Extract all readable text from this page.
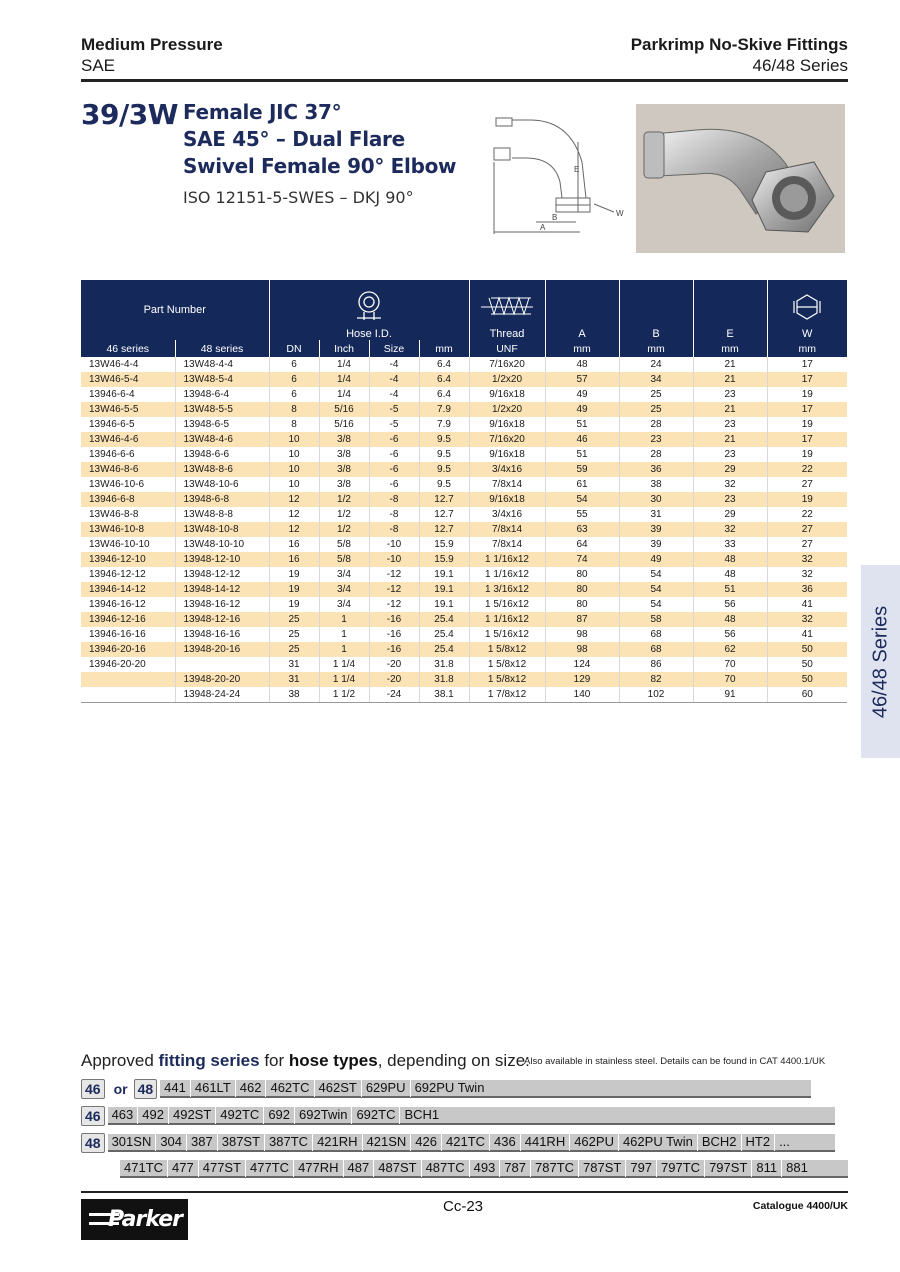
Medium Pressure
SAE
Parkrimp No-Skive Fittings
46/48 Series
39/3W Female JIC 37°
SAE 45° – Dual Flare
Swivel Female 90° Elbow
ISO 12151-5-SWES – DKJ 90°
A
B
E
W
Part Number		Hose I.D.				Thread	A	B	E	W
46 series	48 series	DN	Inch	Size	mm	UNF	mm	mm	mm	mm
13W46-4-4	13W48-4-4	6	1/4	-4	6.4	7/16x20	48	24	21	17
13W46-5-4	13W48-5-4	6	1/4	-4	6.4	1/2x20	57	34	21	17
13946-6-4	13948-6-4	6	1/4	-4	6.4	9/16x18	49	25	23	19
13W46-5-5	13W48-5-5	8	5/16	-5	7.9	1/2x20	49	25	21	17
13946-6-5	13948-6-5	8	5/16	-5	7.9	9/16x18	51	28	23	19
13W46-4-6	13W48-4-6	10	3/8	-6	9.5	7/16x20	46	23	21	17
13946-6-6	13948-6-6	10	3/8	-6	9.5	9/16x18	51	28	23	19
13W46-8-6	13W48-8-6	10	3/8	-6	9.5	3/4x16	59	36	29	22
13W46-10-6	13W48-10-6	10	3/8	-6	9.5	7/8x14	61	38	32	27
13946-6-8	13948-6-8	12	1/2	-8	12.7	9/16x18	54	30	23	19
13W46-8-8	13W48-8-8	12	1/2	-8	12.7	3/4x16	55	31	29	22
13W46-10-8	13W48-10-8	12	1/2	-8	12.7	7/8x14	63	39	32	27
13W46-10-10	13W48-10-10	16	5/8	-10	15.9	7/8x14	64	39	33	27
13946-12-10	13948-12-10	16	5/8	-10	15.9	1 1/16x12	74	49	48	32
13946-12-12	13948-12-12	19	3/4	-12	19.1	1 1/16x12	80	54	48	32
13946-14-12	13948-14-12	19	3/4	-12	19.1	1 3/16x12	80	54	51	36
13946-16-12	13948-16-12	19	3/4	-12	19.1	1 5/16x12	80	54	56	41
13946-12-16	13948-12-16	25	1	-16	25.4	1 1/16x12	87	58	48	32
13946-16-16	13948-16-16	25	1	-16	25.4	1 5/16x12	98	68	56	41
13946-20-16	13948-20-16	25	1	-16	25.4	1 5/8x12	98	68	62	50
13946-20-20		31	1 1/4	-20	31.8	1 5/8x12	124	86	70	50
	13948-20-20	31	1 1/4	-20	31.8	1 5/8x12	129	82	70	50
	13948-24-24	38	1 1/2	-24	38.1	1 7/8x12	140	102	91	60	46/48 Series
Approved fitting series for hose types, depending on size:
Also available in stainless steel. Details can be found in CAT 4400.1/UK
46 or 48 441 461LT 462 462TC 462ST 629PU 692PU Twin
46 463 492 492ST 492TC 692 692Twin 692TC BCH1
48 301SN 304 387 387ST 387TC 421RH 421SN 426 421TC 436 441RH 462PU 462PU Twin BCH2 HT2 ...
471TC 477 477ST 477TC 477RH 487 487ST 487TC 493 787 787TC 787ST 797 797TC 797ST 811 881
Parker
Cc-23	Catalogue 4400/UK
